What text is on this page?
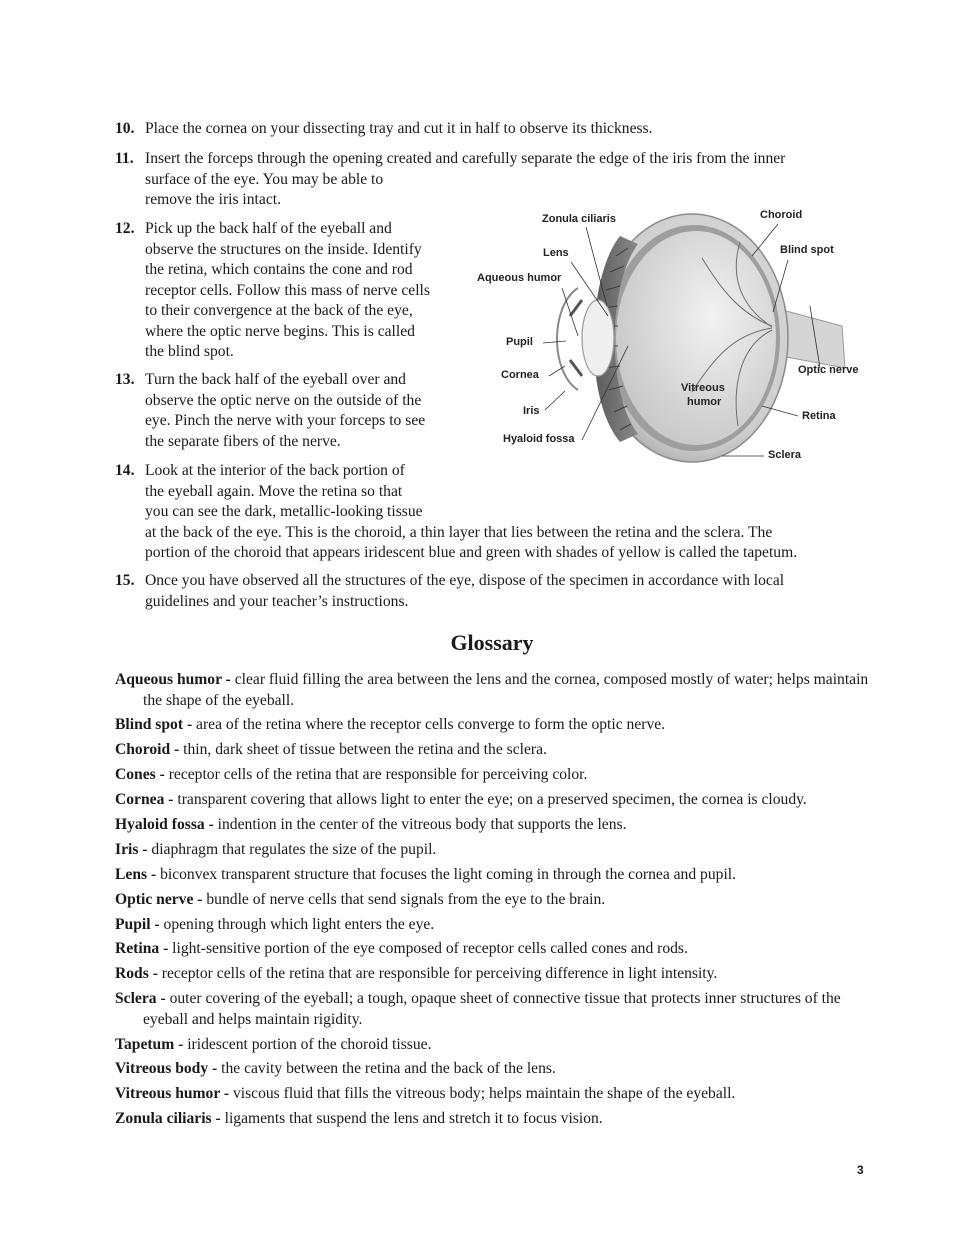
10. Place the cornea on your dissecting tray and cut it in half to observe its thickness.
11. Insert the forceps through the opening created and carefully separate the edge of the iris from the inner
surface of the eye. You may be able to
remove the iris intact.
12. Pick up the back half of the eyeball and
observe the structures on the inside. Identify
the retina, which contains the cone and rod
receptor cells. Follow this mass of nerve cells
to their convergence at the back of the eye,
where the optic nerve begins. This is called
the blind spot.
13. Turn the back half of the eyeball over and
observe the optic nerve on the outside of the
eye. Pinch the nerve with your forceps to see
the separate fibers of the nerve.
14. Look at the interior of the back portion of
the eyeball again. Move the retina so that
you can see the dark, metallic-looking tissue
at the back of the eye. This is the choroid, a thin layer that lies between the retina and the sclera. The
portion of the choroid that appears iridescent blue and green with shades of yellow is called the tapetum.
15. Once you have observed all the structures of the eye, dispose of the specimen in accordance with local
guidelines and your teacher’s instructions.
Zonula ciliaris	Choroid
Lens	Blind spot
Aqueous humor
Pupil
Optic nerve
Cornea
Vitreous
humor
Iris	Retina
Hyaloid fossa
Sclera
Glossary
Aqueous humor - clear fluid filling the area between the lens and the cornea, composed mostly of water; helps maintain the shape of the eyeball.
Blind spot - area of the retina where the receptor cells converge to form the optic nerve.
Choroid - thin, dark sheet of tissue between the retina and the sclera.
Cones - receptor cells of the retina that are responsible for perceiving color.
Cornea - transparent covering that allows light to enter the eye; on a preserved specimen, the cornea is cloudy.
Hyaloid fossa - indention in the center of the vitreous body that supports the lens.
Iris - diaphragm that regulates the size of the pupil.
Lens - biconvex transparent structure that focuses the light coming in through the cornea and pupil.
Optic nerve - bundle of nerve cells that send signals from the eye to the brain.
Pupil - opening through which light enters the eye.
Retina - light-sensitive portion of the eye composed of receptor cells called cones and rods.
Rods - receptor cells of the retina that are responsible for perceiving difference in light intensity.
Sclera - outer covering of the eyeball; a tough, opaque sheet of connective tissue that protects inner structures of the eyeball and helps maintain rigidity.
Tapetum - iridescent portion of the choroid tissue.
Vitreous body - the cavity between the retina and the back of the lens.
Vitreous humor - viscous fluid that fills the vitreous body; helps maintain the shape of the eyeball.
Zonula ciliaris - ligaments that suspend the lens and stretch it to focus vision.
3
